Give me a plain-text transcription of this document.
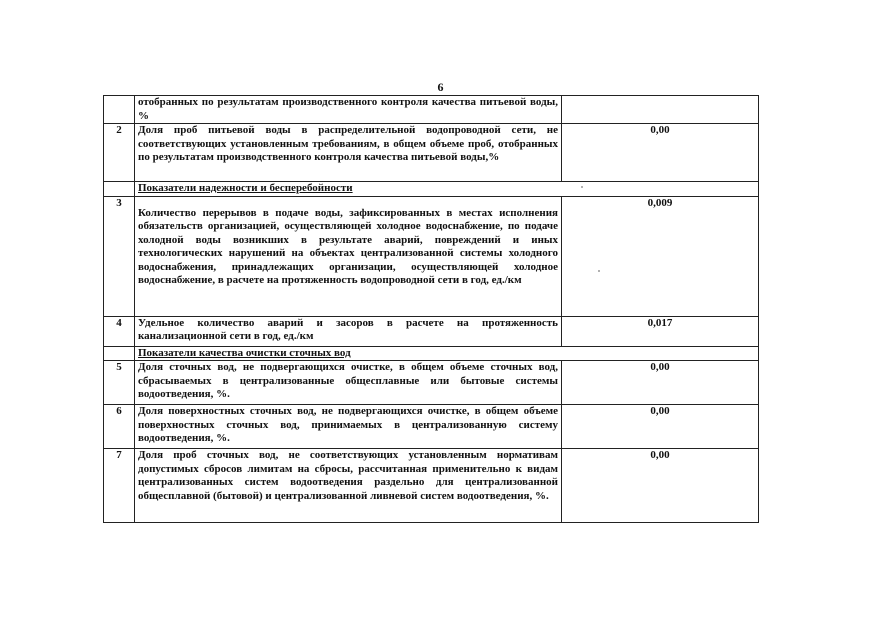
6
	отобранных по результатам производственного контроля качества питьевой воды, %	
2	Доля проб питьевой воды в распределительной водопроводной сети, не соответствующих установленным требованиям, в общем объеме проб, отобранных по результатам производственного контроля качества питьевой воды,%	0,00
	Показатели надежности и бесперебойности	
3	Количество перерывов в подаче воды, зафиксированных в местах исполнения обязательств организацией, осуществляющей холодное водоснабжение, по подаче холодной воды возникших в результате аварий, повреждений и иных технологических нарушений на объектах централизованной системы холодного водоснабжения, принадлежащих организации, осуществляющей холодное водоснабжение, в расчете на протяженность водопроводной сети в год, ед./км	0,009
4	Удельное количество аварий и засоров в расчете на протяженность канализационной сети в год, ед./км	0,017
	Показатели качества очистки сточных вод	
5	Доля сточных вод, не подвергающихся очистке, в общем объеме сточных вод, сбрасываемых в централизованные общесплавные или бытовые системы водоотведения, %.	0,00
6	Доля поверхностных сточных вод, не подвергающихся очистке, в общем объеме поверхностных сточных вод, принимаемых в централизованную систему водоотведения, %.	0,00
7	Доля проб сточных вод, не соответствующих установленным нормативам допустимых сбросов лимитам на сбросы, рассчитанная применительно к видам централизованных систем водоотведения раздельно для централизованной общесплавной (бытовой) и централизованной ливневой систем водоотведения, %.	0,00
